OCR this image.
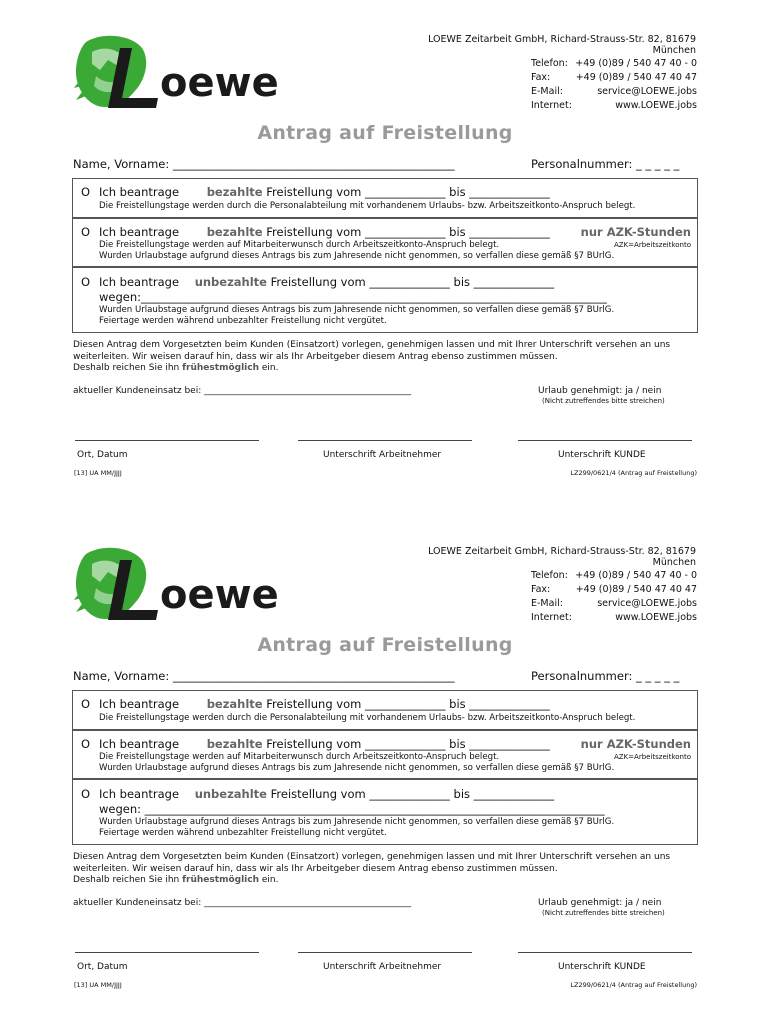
oewe
LOEWE Zeitarbeit GmbH, Richard-Strauss-Str. 82, 81679 München
Telefon: +49 (0)89 / 540 47 40 - 0
Fax:	+49 (0)89 / 540 47 40 47
E-Mail:	service@LOEWE.jobs
Internet:	www.LOEWE.jobs
Antrag auf Freistellung
Name, Vorname: _________________________________________________	Personalnummer: _ _ _ _ _
O Ich beantrage bezahlte Freistellung vom ______________ bis ______________
Die Freistellungstage werden durch die Personalabteilung mit vorhandenem Urlaubs- bzw. Arbeitszeitkonto-Anspruch belegt.
O Ich beantrage bezahlte Freistellung vom ______________ bis ______________	nur AZK-Stunden
Die Freistellungstage werden auf Mitarbeiterwunsch durch Arbeitszeitkonto-Anspruch belegt.	AZK=Arbeitszeitkonto
Wurden Urlaubstage aufgrund dieses Antrags bis zum Jahresende nicht genommen, so verfallen diese gemäß §7 BUrlG.
O Ich beantrage unbezahlte Freistellung vom ______________ bis ______________
wegen:_________________________________________________________________________________
Wurden Urlaubstage aufgrund dieses Antrags bis zum Jahresende nicht genommen, so verfallen diese gemäß §7 BUrlG.
Feiertage werden während unbezahlter Freistellung nicht vergütet.
Diesen Antrag dem Vorgesetzten beim Kunden (Einsatzort) vorlegen, genehmigen lassen und mit Ihrer Unterschrift versehen an uns
weiterleiten. Wir weisen darauf hin, dass wir als Ihr Arbeitgeber diesem Antrag ebenso zustimmen müssen.
Deshalb reichen Sie ihn frühestmöglich ein.
aktueller Kundeneinsatz bei: ______________________________________________	Urlaub genehmigt: ja / nein
(Nicht zutreffendes bitte streichen)
Ort, Datum	Unterschrift Arbeitnehmer	Unterschrift KUNDE
[13] UA MM/JJJJ	LZ299/0621/4 (Antrag auf Freistellung)
oewe
LOEWE Zeitarbeit GmbH, Richard-Strauss-Str. 82, 81679 München
Telefon: +49 (0)89 / 540 47 40 - 0
Fax:	+49 (0)89 / 540 47 40 47
E-Mail:	service@LOEWE.jobs
Internet:	www.LOEWE.jobs
Antrag auf Freistellung
Name, Vorname: _________________________________________________	Personalnummer: _ _ _ _ _
O Ich beantrage bezahlte Freistellung vom ______________ bis ______________
Die Freistellungstage werden durch die Personalabteilung mit vorhandenem Urlaubs- bzw. Arbeitszeitkonto-Anspruch belegt.
O Ich beantrage bezahlte Freistellung vom ______________ bis ______________	nur AZK-Stunden
Die Freistellungstage werden auf Mitarbeiterwunsch durch Arbeitszeitkonto-Anspruch belegt.	AZK=Arbeitszeitkonto
Wurden Urlaubstage aufgrund dieses Antrags bis zum Jahresende nicht genommen, so verfallen diese gemäß §7 BUrlG.
O Ich beantrage unbezahlte Freistellung vom ______________ bis ______________
wegen: ________________________________________________________________________________
Wurden Urlaubstage aufgrund dieses Antrags bis zum Jahresende nicht genommen, so verfallen diese gemäß §7 BUrlG.
Feiertage werden während unbezahlter Freistellung nicht vergütet.
Diesen Antrag dem Vorgesetzten beim Kunden (Einsatzort) vorlegen, genehmigen lassen und mit Ihrer Unterschrift versehen an uns
weiterleiten. Wir weisen darauf hin, dass wir als Ihr Arbeitgeber diesem Antrag ebenso zustimmen müssen.
Deshalb reichen Sie ihn frühestmöglich ein.
aktueller Kundeneinsatz bei: ______________________________________________	Urlaub genehmigt: ja / nein
(Nicht zutreffendes bitte streichen)
Ort, Datum	Unterschrift Arbeitnehmer	Unterschrift KUNDE
[13] UA MM/JJJJ	LZ299/0621/4 (Antrag auf Freistellung)
